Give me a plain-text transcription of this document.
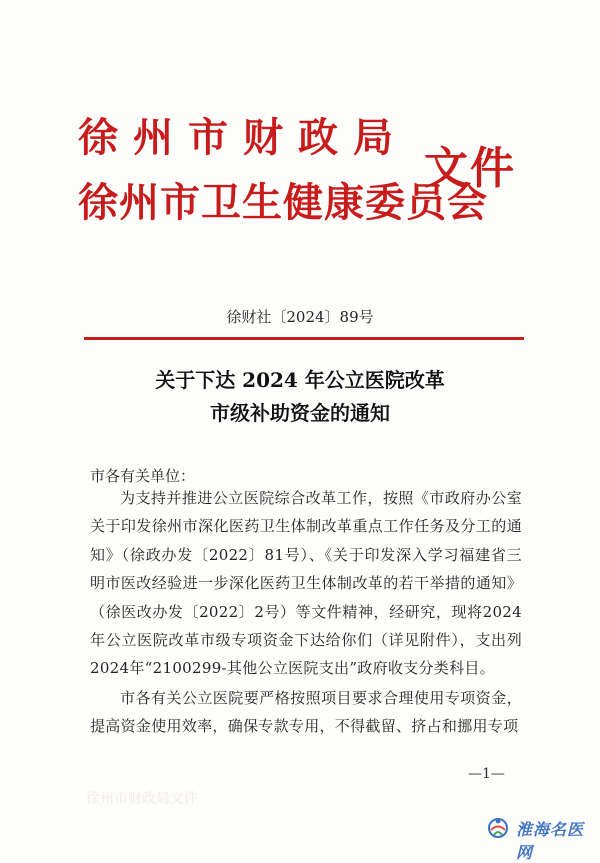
徐州市财政局
徐州市卫生健康委员会
文件
徐财社〔2024〕89号
关于下达 2024 年公立医院改革
市级补助资金的通知
市各有关单位：
为支持并推进公立医院综合改革工作，按照《市政府办公室关于印发徐州市深化医药卫生体制改革重点工作任务及分工的通知》（徐政办发〔2022〕81号）、《关于印发深入学习福建省三明市医改经验进一步深化医药卫生体制改革的若干举措的通知》（徐医改办发〔2022〕2号）等文件精神，经研究，现将2024年公立医院改革市级专项资金下达给你们（详见附件），支出列2024年“2100299-其他公立医院支出”政府收支分类科目。
市各有关公立医院要严格按照项目要求合理使用专项资金，提高资金使用效率，确保专款专用，不得截留、挤占和挪用专项
—1—
徐州市财政局文件
淮海名医网
